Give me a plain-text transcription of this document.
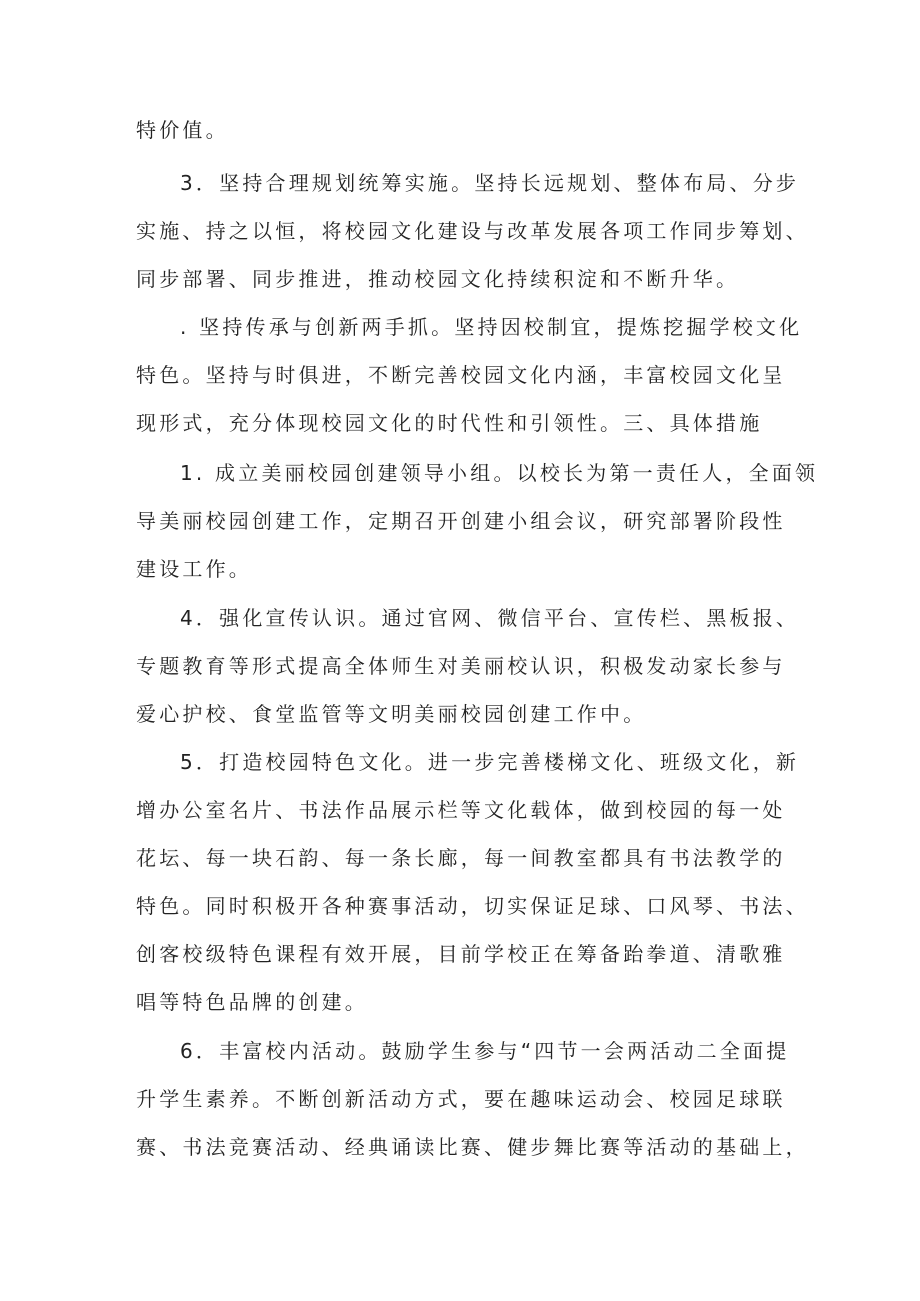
特价值。
3．坚持合理规划统筹实施。坚持长远规划、整体布局、分步
实施、持之以恒，将校园文化建设与改革发展各项工作同步筹划、
同步部署、同步推进，推动校园文化持续积淀和不断升华。
. 坚持传承与创新两手抓。坚持因校制宜，提炼挖掘学校文化
特色。坚持与时俱进，不断完善校园文化内涵，丰富校园文化呈
现形式，充分体现校园文化的时代性和引领性。三、具体措施
1. 成立美丽校园创建领导小组。以校长为第一责任人，全面领
导美丽校园创建工作，定期召开创建小组会议，研究部署阶段性
建设工作。
4．强化宣传认识。通过官网、微信平台、宣传栏、黑板报、
专题教育等形式提高全体师生对美丽校认识，积极发动家长参与
爱心护校、食堂监管等文明美丽校园创建工作中。
5．打造校园特色文化。进一步完善楼梯文化、班级文化，新
增办公室名片、书法作品展示栏等文化载体，做到校园的每一处
花坛、每一块石韵、每一条长廊，每一间教室都具有书法教学的
特色。同时积极开各种赛事活动，切实保证足球、口风琴、书法、
创客校级特色课程有效开展，目前学校正在筹备跆拳道、清歌雅
唱等特色品牌的创建。
6．丰富校内活动。鼓励学生参与“四节一会两活动二全面提
升学生素养。不断创新活动方式，要在趣味运动会、校园足球联
赛、书法竞赛活动、经典诵读比赛、健步舞比赛等活动的基础上，
